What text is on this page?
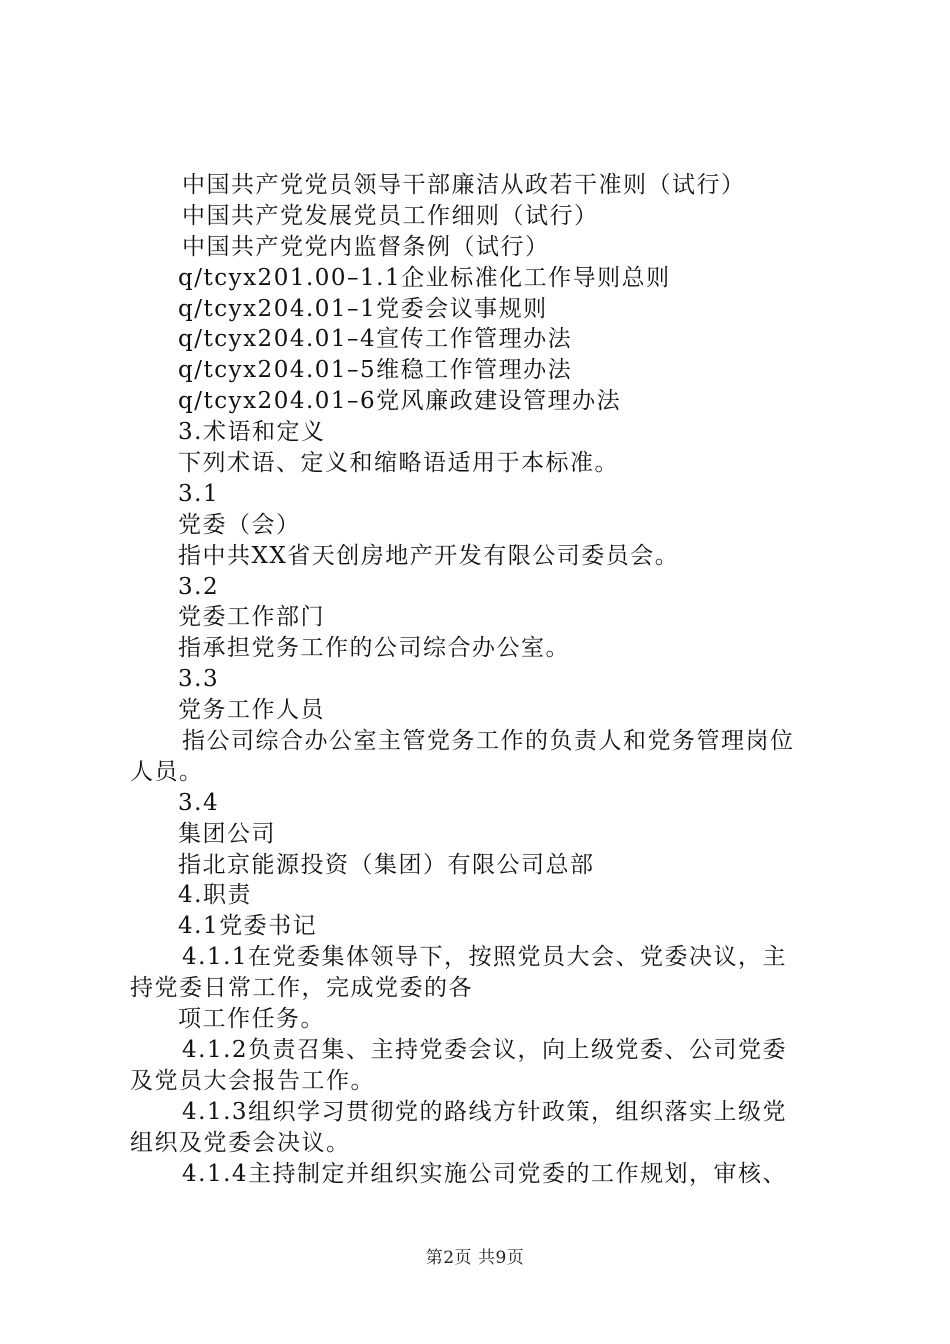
中国共产党党员领导干部廉洁从政若干准则（试行）
中国共产党发展党员工作细则（试行）
中国共产党党内监督条例（试行）
q/tcyx201.00–1.1企业标准化工作导则总则
q/tcyx204.01–1党委会议事规则
q/tcyx204.01–4宣传工作管理办法
q/tcyx204.01–5维稳工作管理办法
q/tcyx204.01–6党风廉政建设管理办法
3.术语和定义
下列术语、定义和缩略语适用于本标准。
3.1
党委（会）
指中共XX省天创房地产开发有限公司委员会。
3.2
党委工作部门
指承担党务工作的公司综合办公室。
3.3
党务工作人员
指公司综合办公室主管党务工作的负责人和党务管理岗位
人员。
3.4
集团公司
指北京能源投资（集团）有限公司总部
4.职责
4.1党委书记
4.1.1在党委集体领导下，按照党员大会、党委决议，主
持党委日常工作，完成党委的各
项工作任务。
4.1.2负责召集、主持党委会议，向上级党委、公司党委
及党员大会报告工作。
4.1.3组织学习贯彻党的路线方针政策，组织落实上级党
组织及党委会决议。
4.1.4主持制定并组织实施公司党委的工作规划，审核、
第2页 共9页
